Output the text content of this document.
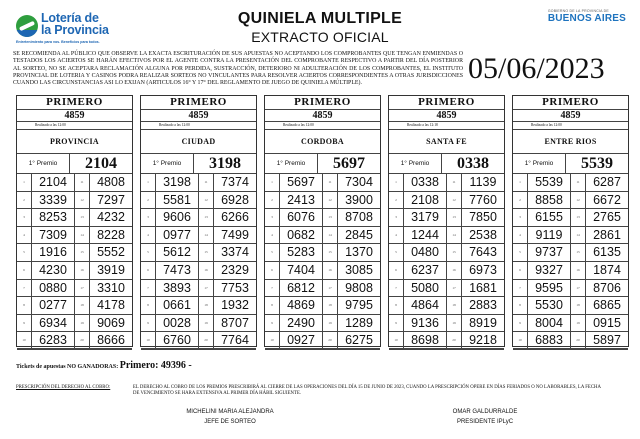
Lotería de
la Provincia
Entretenimiento para vos. Beneficios para todos.
QUINIELA MULTIPLE
EXTRACTO OFICIAL
GOBIERNO DE LA PROVINCIA DE
BUENOS AIRES
SE RECOMIENDA AL PÚBLICO QUE OBSERVE LA EXACTA ESCRITURACIÓN DE SUS APUESTAS NO ACEPTANDO LOS COMPROBANTES QUE TENGAN ENMIENDAS O TESTADOS LOS ACIERTOS SE HARÁN EFECTIVOS POR EL AGENTE CONTRA LA PRESENTACIÓN DEL COMPROBANTE RESPECTIVO A PARTIR DEL DÍA POSTERIOR AL SORTEO, NO SE ACEPTARA RECLAMACIÓN ALGUNA POR PERDIDA, SUSTRACCIÓN, DETERIORO NI ADULTERACIÓN DE LOS COMPROBANTES, EL INSTITUTO PROVINCIAL DE LOTERIA Y CASINOS PODRA REALIZAR SORTEOS NO VINCULANTES PARA RESOLVER ACIERTOS CORRESPONDIENTES A OTRAS JURISDICCIONES CUANDO LAS CIRCUNSTANCIAS ASI LO EXIJAN (ARTICULOS 16° Y 17° DEL REGLAMENTO DE JUEGO DE QUINIELA MÚLTIPLE).	05/06/2023
PRIMERO
4859
Realizado a las 12:00
PROVINCIA
1° Premio	2104
1	2104	11	4808
2	3339	12	7297
3	8253	13	4232
4	7309	14	8228
5	1916	15	5552
6	4230	16	3919
7	0880	17	3310
8	0277	18	4178
9	6934	19	9069
10	6283	20	8666
PRIMERO
4859
Realizado a las 12:00
CIUDAD
1° Premio	3198
1	3198	11	7374
2	5581	12	6928
3	9606	13	6266
4	0977	14	7499
5	5612	15	3374
6	7473	16	2329
7	3893	17	7753
8	0661	18	1932
9	0028	19	8707
10	6760	20	7764
PRIMERO
4859
Realizado a las 12:00
CORDOBA
1° Premio	5697
1	5697	11	7304
2	2413	12	3900
3	6076	13	8708
4	0682	14	2845
5	5283	15	1370
6	7404	16	3085
7	6812	17	9808
8	4869	18	9795
9	2490	19	1289
10	0927	20	6275
PRIMERO
4859
Realizado a las 12:18
SANTA FE
1° Premio	0338
1	0338	11	1139
2	2108	12	7760
3	3179	13	7850
4	1244	14	2538
5	0480	15	7643
6	6237	16	6973
7	5080	17	1681
8	4864	18	2883
9	9136	19	8919
10	8698	20	9218
PRIMERO
4859
Realizado a las 12:00
ENTRE RIOS
1° Premio	5539
1	5539	11	6287
2	8858	12	6672
3	6155	13	2765
4	9119	14	2861
5	9737	15	6135
6	9327	16	1874
7	9595	17	8706
8	5530	18	6865
9	8004	19	0915
10	6883	20	5897
Tickets de apuestas NO GANADORAS: Primero: 49396 -
PRESCRIPCIÓN DEL DERECHO AL COBRO:	EL DERECHO AL COBRO DE LOS PREMIOS PRESCRIBIRÁ AL CIERRE DE LAS OPERACIONES DEL DÍA 15 DE JUNIO DE 2023, CUANDO LA PRESCRIPCIÓN OPERE EN DÍAS FERIADOS O NO LABORABLES, LA FECHA DE VENCIMIENTO SE HARA EXTENSIVA AL PRIMER DÍA HÁBIL SIGUIENTE.
MICHELINI MARIA ALEJANDRA
JEFE DE SORTEO
OMAR GALDURRALDE
PRESIDENTE IPLyC
